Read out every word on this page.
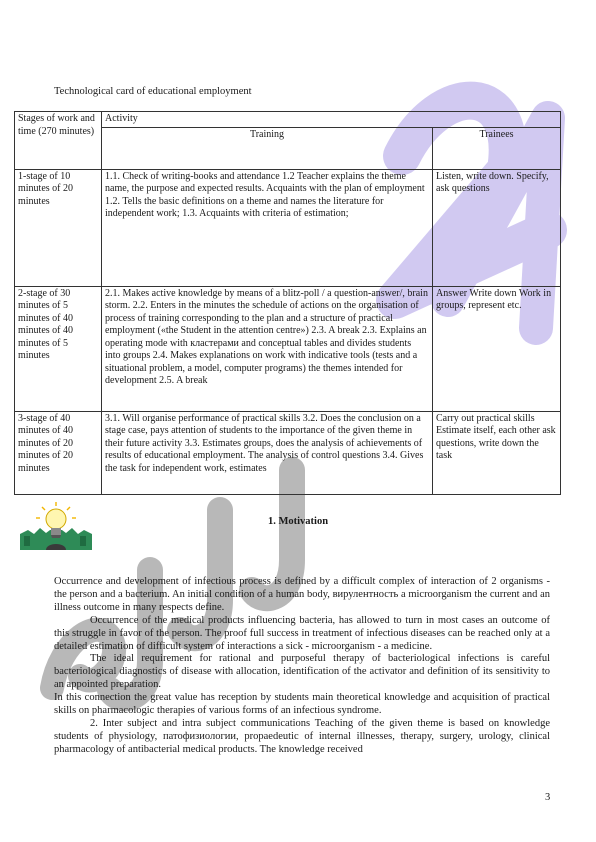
Technological card of educational employment

Stages of work and time (270 minutes)	Activity	
	Training	Trainees
1-stage of 10 minutes of 20 minutes	1.1. Check of writing-books and attendance 1.2 Teacher explains the theme name, the purpose and expected results. Acquaints with the plan of employment 1.2. Tells the basic definitions on a theme and names the literature for independent work; 1.3. Acquaints with criteria of estimation;	Listen, write down. Specify, ask questions
2-stage of 30 minutes of 5 minutes of 40 minutes of 40 minutes of 5 minutes	2.1. Makes active knowledge by means of a blitz-poll / a question-answer/, brain storm. 2.2. Enters in the minutes the schedule of actions on the organisation of process of training corresponding to the plan and a structure of practical employment («the Student in the attention centre») 2.3. A break 2.3. Explains an operating mode with кластерами and conceptual tables and divides students into groups 2.4. Makes explanations on work with indicative tools (tests and a situational problem, a model, computer programs) the themes intended for development 2.5. A break	Answer Write down Work in groups, represent etc.
3-stage of 40 minutes of 40 minutes of 20 minutes of 20 minutes	3.1. Will organise performance of practical skills 3.2. Does the conclusion on a stage case, pays attention of students to the importance of the given theme in their future activity 3.3. Estimates groups, does the analysis of achievements of results of educational employment. The analysis of control questions 3.4. Gives the task for independent work, estimates	Carry out practical skills Estimate itself, each other ask questions, write down the task

1. Motivation

Occurrence and development of infectious process is defined by a difficult complex of interaction of 2 organisms - the person and a bacterium. An initial condition of a human body, вирулентность a microorganism the current and an illness outcome in many respects define.

Occurrence of the medical products influencing bacteria, has allowed to turn in most cases an outcome of this struggle in favor of the person. The proof full success in treatment of infectious diseases can be reached only at a detailed estimation of difficult system of interactions a sick - microorganism - a medicine.

The ideal requirement for rational and purposeful therapy of bacteriological infections is careful bacteriological diagnostics of disease with allocation, identification of the activator and definition of its sensitivity to an appointed preparation.

In this connection the great value has reception by students main theoretical knowledge and acquisition of practical skills on pharmacologic therapies of various forms of an infectious syndrome.

2. Inter subject and intra subject communications Teaching of the given theme is based on knowledge students of physiology, патофизиологии, propaedeutic of internal illnesses, therapy, surgery, urology, clinical pharmacology of antibacterial medical products. The knowledge received

3
